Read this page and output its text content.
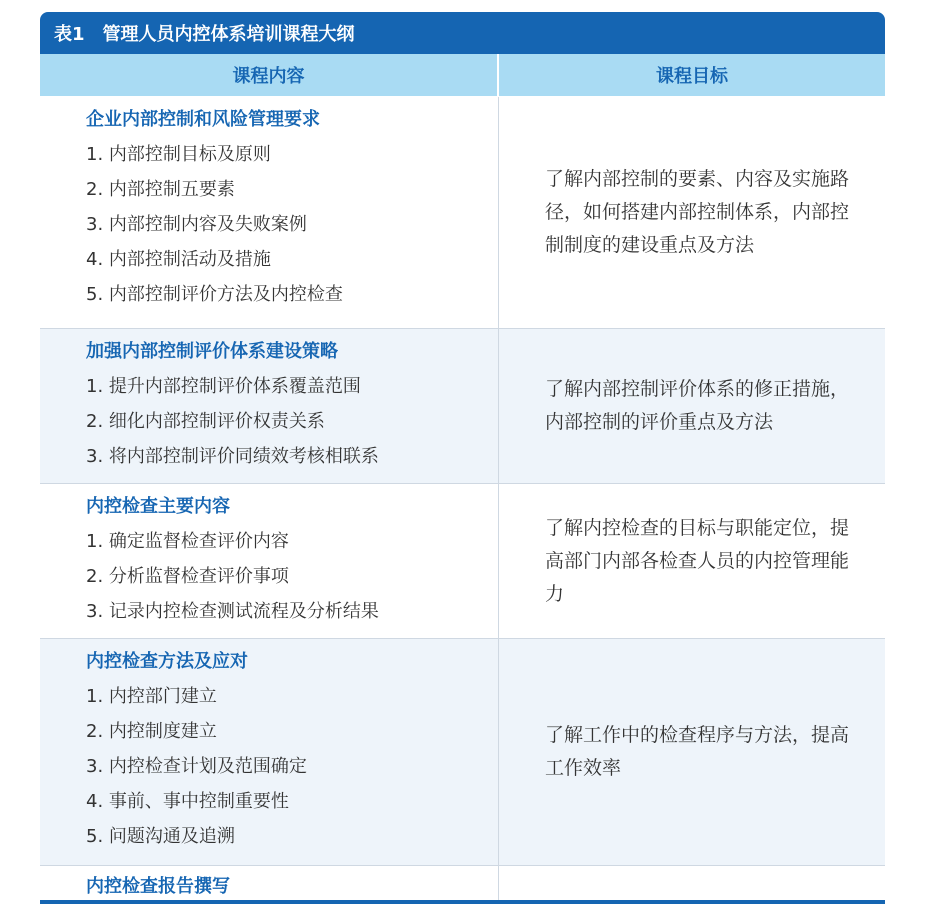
表1 管理人员内控体系培训课程大纲
课程内容	课程目标
企业内部控制和风险管理要求
1. 内部控制目标及原则
2. 内部控制五要素
3. 内部控制内容及失败案例
4. 内部控制活动及措施
5. 内部控制评价方法及内控检查
了解内部控制的要素、内容及实施路径，如何搭建内部控制体系，内部控制制度的建设重点及方法
加强内部控制评价体系建设策略
1. 提升内部控制评价体系覆盖范围
2. 细化内部控制评价权责关系
3. 将内部控制评价同绩效考核相联系
了解内部控制评价体系的修正措施，内部控制的评价重点及方法
内控检查主要内容
1. 确定监督检查评价内容
2. 分析监督检查评价事项
3. 记录内控检查测试流程及分析结果
了解内控检查的目标与职能定位，提高部门内部各检查人员的内控管理能力
内控检查方法及应对
1. 内控部门建立
2. 内控制度建立
3. 内控检查计划及范围确定
4. 事前、事中控制重要性
5. 问题沟通及追溯
了解工作中的检查程序与方法，提高工作效率
内控检查报告撰写
